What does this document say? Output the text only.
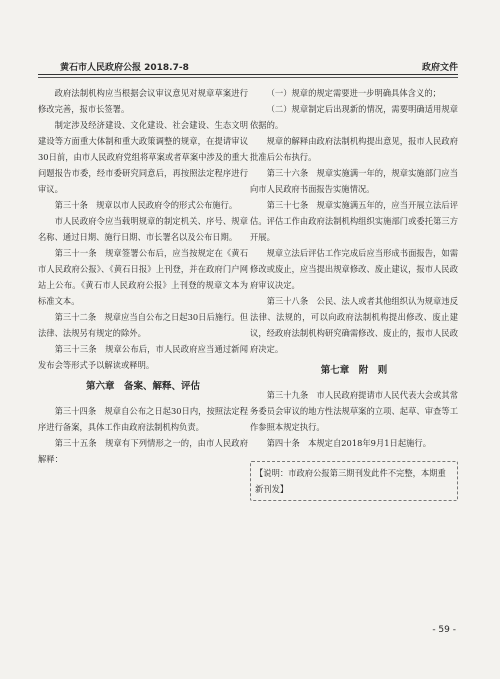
黄石市人民政府公报 2018.7-8	政府文件

政府法制机构应当根据会议审议意见对规章草案进行修改完善，报市长签署。

制定涉及经济建设、文化建设、社会建设、生态文明建设等方面重大体制和重大政策调整的规章，在提请审议30日前，由市人民政府党组将草案或者草案中涉及的重大问题报告市委，经市委研究同意后，再按照法定程序进行审议。

第三十条　规章以市人民政府令的形式公布施行。

市人民政府令应当载明规章的制定机关、序号、规章名称、通过日期、施行日期、市长署名以及公布日期。

第三十一条　规章签署公布后，应当按规定在《黄石市人民政府公报》、《黄石日报》上刊登，并在政府门户网站上公布。《黄石市人民政府公报》上刊登的规章文本为标准文本。

第三十二条　规章应当自公布之日起30日后施行。但法律、法规另有规定的除外。

第三十三条　规章公布后，市人民政府应当通过新闻发布会等形式予以解读或释明。

第六章　备案、解释、评估

第三十四条　规章自公布之日起30日内，按照法定程序进行备案，具体工作由政府法制机构负责。

第三十五条　规章有下列情形之一的，由市人民政府解释：

（一）规章的规定需要进一步明确具体含义的；

（二）规章制定后出现新的情况，需要明确适用规章依据的。

规章的解释由政府法制机构提出意见，报市人民政府批准后公布执行。

第三十六条　规章实施满一年的，规章实施部门应当向市人民政府书面报告实施情况。

第三十七条　规章实施满五年的，应当开展立法后评估。评估工作由政府法制机构组织实施部门或委托第三方开展。

规章立法后评估工作完成后应当形成书面报告，如需修改或废止，应当提出规章修改、废止建议，报市人民政府审议决定。

第三十八条　公民、法人或者其他组织认为规章违反法律、法规的，可以向政府法制机构提出修改、废止建议，经政府法制机构研究确需修改、废止的，报市人民政府决定。

第七章　附　则

第三十九条　市人民政府提请市人民代表大会或其常务委员会审议的地方性法规草案的立项、起草、审查等工作参照本规定执行。

第四十条　本规定自2018年9月1日起施行。

【说明：市政府公报第三期刊发此件不完整，本期重新刊发】
- 59 -
